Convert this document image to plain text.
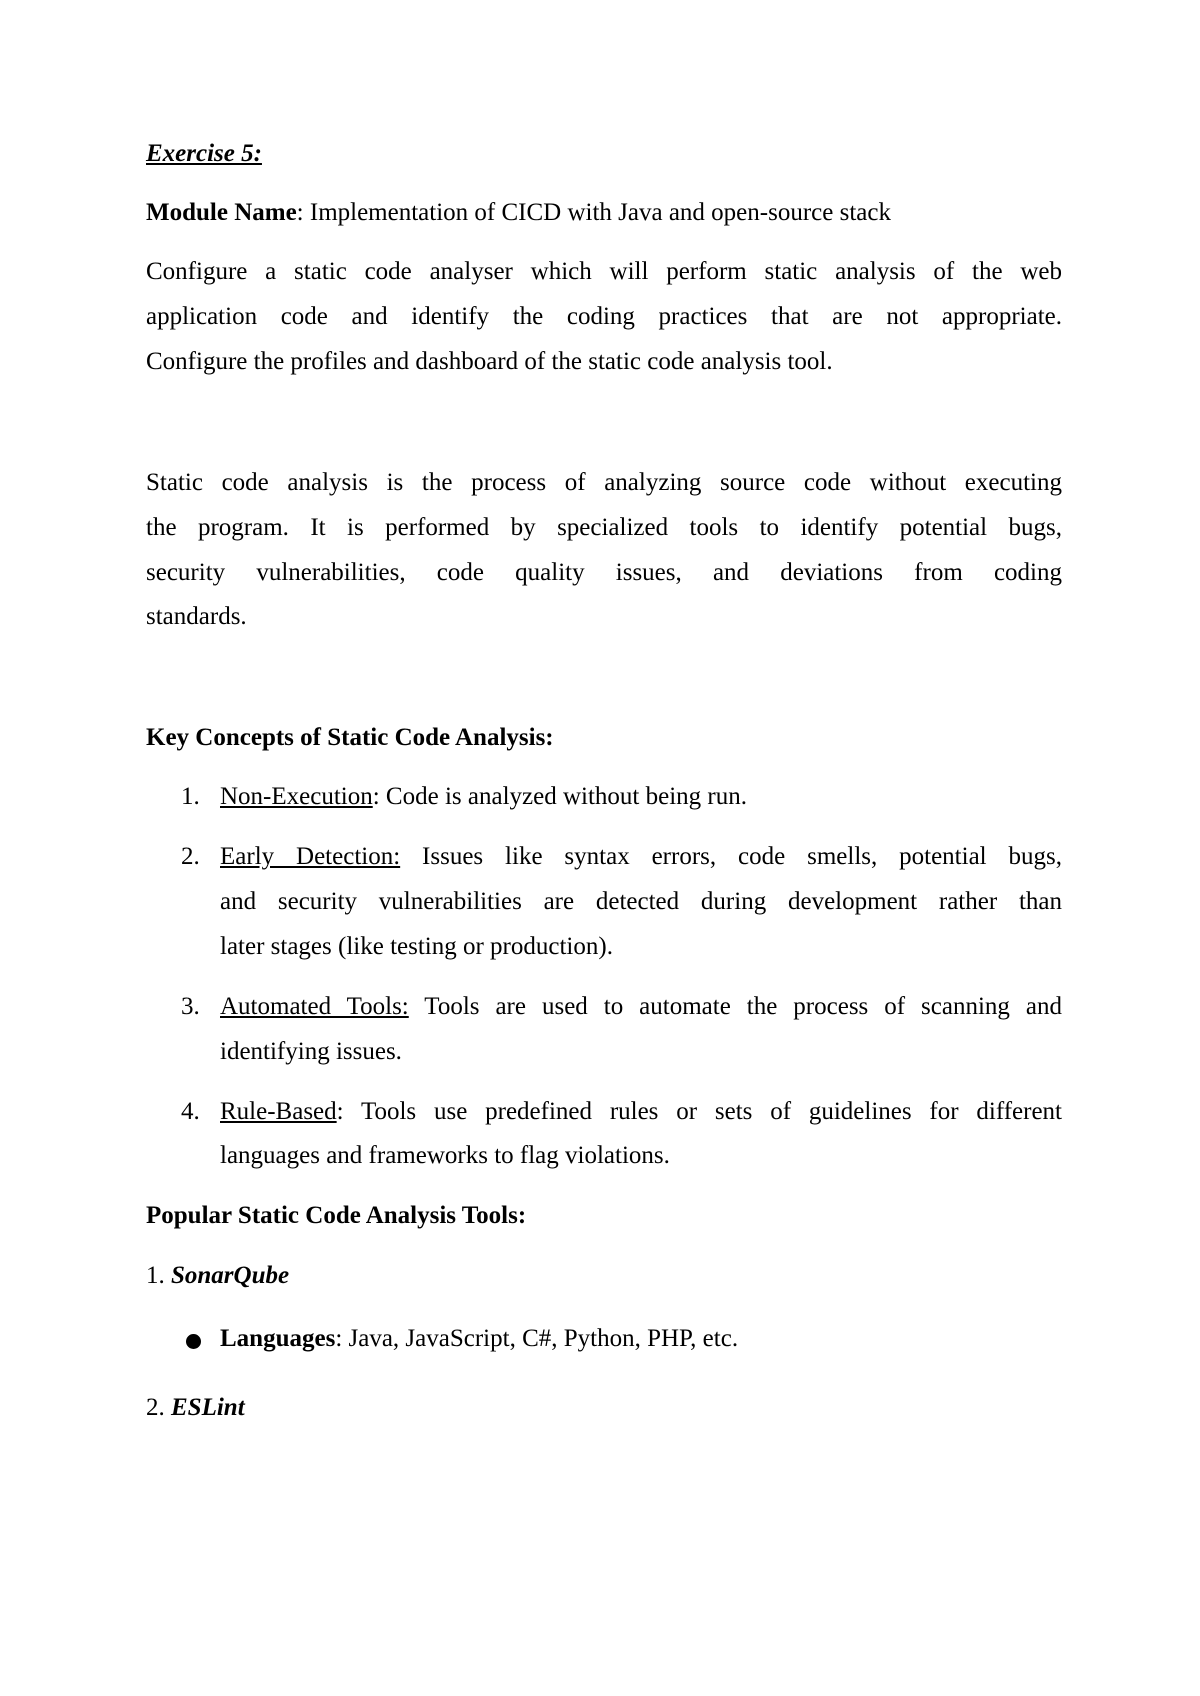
Exercise 5:
Module Name: Implementation of CICD with Java and open-source stack
Configure a static code analyser which will perform static analysis of the web
application code and identify the coding practices that are not appropriate.
Configure the profiles and dashboard of the static code analysis tool.
Static code analysis is the process of analyzing source code without executing
the program. It is performed by specialized tools to identify potential bugs,
security vulnerabilities, code quality issues, and deviations from coding
standards.
Key Concepts of Static Code Analysis:
1. Non-Execution: Code is analyzed without being run.
2. Early Detection: Issues like syntax errors, code smells, potential bugs,
and security vulnerabilities are detected during development rather than
later stages (like testing or production).
3. Automated Tools: Tools are used to automate the process of scanning and
identifying issues.
4. Rule-Based: Tools use predefined rules or sets of guidelines for different
languages and frameworks to flag violations.
Popular Static Code Analysis Tools:
1. SonarQube
Languages: Java, JavaScript, C#, Python, PHP, etc.
2. ESLint
